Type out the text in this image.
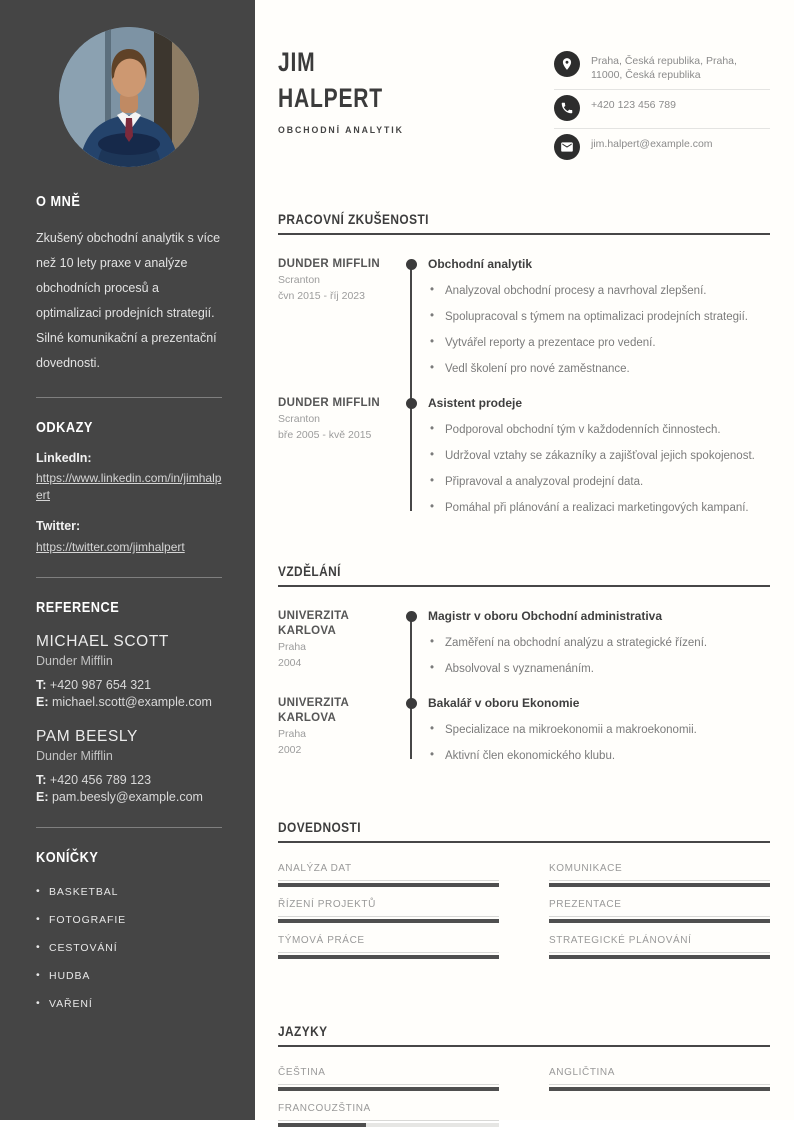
O MNĚ

Zkušený obchodní analytik s více než 10 lety praxe v analýze obchodních procesů a optimalizaci prodejních strategií. Silné komunikační a prezentační dovednosti.

ODKAZY
LinkedIn:
https://www.linkedin.com/in/jimhalpert
Twitter:
https://twitter.com/jimhalpert
REFERENCE
MICHAEL SCOTT
Dunder Mifflin
T: +420 987 654 321
E: michael.scott@example.com
PAM BEESLY
Dunder Mifflin
T: +420 456 789 123
E: pam.beesly@example.com
KONÍČKY
• BASKETBAL
• FOTOGRAFIE
• CESTOVÁNÍ
• HUDBA
• VAŘENÍ
JIM
HALPERT
OBCHODNÍ ANALYTIK
Praha, Česká republika, Praha, 11000, Česká republika
+420 123 456 789
jim.halpert@example.com
PRACOVNÍ ZKUŠENOSTI
DUNDER MIFFLIN
Scranton
čvn 2015 - říj 2023
Obchodní analytik
• Analyzoval obchodní procesy a navrhoval zlepšení.
• Spolupracoval s týmem na optimalizaci prodejních strategií.
• Vytvářel reporty a prezentace pro vedení.
• Vedl školení pro nové zaměstnance.
DUNDER MIFFLIN
Scranton
bře 2005 - kvě 2015
Asistent prodeje
• Podporoval obchodní tým v každodenních činnostech.
• Udržoval vztahy se zákazníky a zajišťoval jejich spokojenost.
• Připravoval a analyzoval prodejní data.
• Pomáhal při plánování a realizaci marketingových kampaní.
VZDĚLÁNÍ
UNIVERZITA KARLOVA
Praha
2004
Magistr v oboru Obchodní administrativa
• Zaměření na obchodní analýzu a strategické řízení.
• Absolvoval s vyznamenáním.
UNIVERZITA KARLOVA
Praha
2002
Bakalář v oboru Ekonomie
• Specializace na mikroekonomii a makroekonomii.
• Aktivní člen ekonomického klubu.
DOVEDNOSTI
ANALÝZA DAT	KOMUNIKACE
ŘÍZENÍ PROJEKTŮ	PREZENTACE
TÝMOVÁ PRÁCE	STRATEGICKÉ PLÁNOVÁNÍ
JAZYKY
ČEŠTINA	ANGLIČTINA
FRANCOUZŠTINA
